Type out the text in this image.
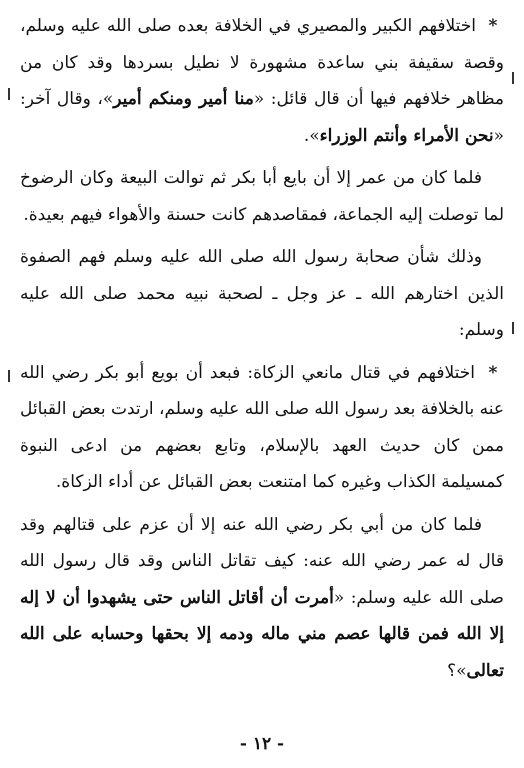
* اختلافهم الكبير والمصيري في الخلافة بعده صلى الله عليه وسلم، وقصة سقيفة بني ساعدة مشهورة لا نطيل بسردها وقد كان من مظاهر خلافهم فيها أن قال قائل: «منا أمير ومنكم أمير»، وقال آخر: «نحن الأمراء وأنتم الوزراء».

فلما كان من عمر إلا أن بايع أبا بكر ثم توالت البيعة وكان الرضوخ لما توصلت إليه الجماعة، فمقاصدهم كانت حسنة والأهواء فيهم بعيدة.

وذلك شأن صحابة رسول الله صلى الله عليه وسلم فهم الصفوة الذين اختارهم الله ـ عز وجل ـ لصحبة نبيه محمد صلى الله عليه وسلم:

* اختلافهم في قتال مانعي الزكاة: فبعد أن بويع أبو بكر رضي الله عنه بالخلافة بعد رسول الله صلى الله عليه وسلم، ارتدت بعض القبائل ممن كان حديث العهد بالإسلام، وتابع بعضهم من ادعى النبوة كمسيلمة الكذاب وغيره كما امتنعت بعض القبائل عن أداء الزكاة.

فلما كان من أبي بكر رضي الله عنه إلا أن عزم على قتالهم وقد قال له عمر رضي الله عنه: كيف تقاتل الناس وقد قال رسول الله صلى الله عليه وسلم: «أمرت أن أقاتل الناس حتى يشهدوا أن لا إله إلا الله فمن قالها عصم مني ماله ودمه إلا بحقها وحسابه على الله تعالى»؟

- ١٢ -
